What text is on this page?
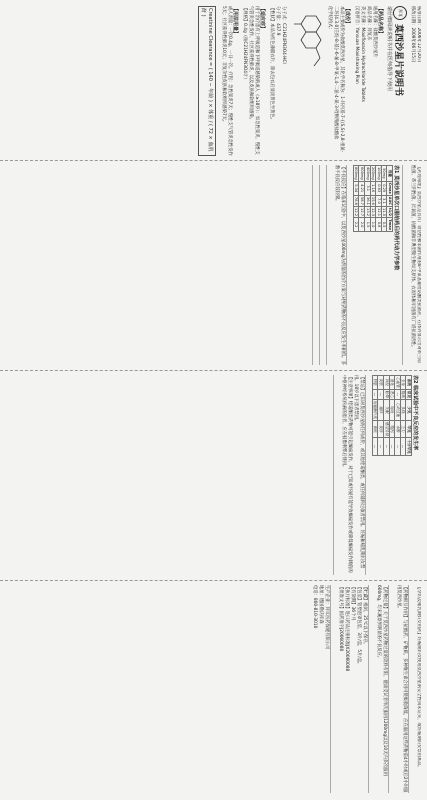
核准日期：2006年12月20日
修改日期：2009年06月15日
拜耳
莫西沙星片说明书
请仔细阅读说明书并在医师指导下使用
【药品名称】
通用名称：盐酸莫西沙星片
商品名称：拜复乐
英文名称：Moxifloxacin Hydrochloride Tablets
汉语拼音：Yansuan Moxishaxing Pian
【成份】
本品主要成份为盐酸莫西沙星，其化学名称为：1-环丙基-7-{(S,S)-2,8-重氮-二环[4.3.0]壬烷-8-基}-6-氟-8-甲氧-1,4-二氢-4-氧-3-喹啉羧酸盐酸盐
化学结构式：
分子式：C21H24FN3O4·HCl
分子量：437.9
【性状】本品为红色薄膜衣片，除去包衣后显淡黄色至黄色。
【适应症】
用于治疗患有上呼吸道和下呼吸道感染的成人（≥18岁）：如急性窦炎、慢性支气管炎急性发作、社区获得性肺炎，以及皮肤和软组织感染。
【规格】0.4g（按C21H24FN3O4计）
【用法用量】
成人剂量：一次0.4g，一日一次。疗程：急性窦炎7天；慢性支气管炎急性发作5天；社区获得性肺炎10天；非复杂性皮肤和软组织感染7天。
Creatinine Clearance = ( 140 − 年龄 ) × 体重 / ( 72 × 血肌酐 )
【药理毒理】莫西沙星是具有广谱活性和杀菌作用的8-甲氧基氟喹诺酮类抗菌药，在体外显示出对革兰阳性菌、革兰阴性菌、厌氧菌、抗酸菌和非典型微生物如支原体、衣原体和军团菌有广谱抗菌活性。
表1 莫西沙星单次口服给药后的药代动力学参数
剂量	Cmax	AUC	t1/2	Tmax
50mg	0.29	3.1	11.5	0.5
100mg	0.63	7.0	12.1	0.8
200mg	1.16	15.6	12.3	1.0
400mg	3.1	36.1	13.2	1.5
600mg	4.21	58.7	12.7	2.0
800mg	5.34	78.8	12.2	2.2
【不良反应】在临床试验中，以莫西沙星400mg为剂量的治疗方案与对照药物的不良反应发生率相似。多数不良反应较轻微。
表2 临床试验中不良反应的发生率
系统	常见	少见	罕见	十分罕见
全身	腹痛	头痛	乏力	—
心血管	—	心动过速	水肿	—
消化	恶心	呕吐	腹泻	—
神经	眩晕	失眠	感觉异常	—
皮肤	—	瘙痒	皮疹	—
肝脏	—	转氨酶升高	黄疸	—
【禁忌】已知对莫西沙星的任何成份，或其他喹诺酮类，或任何辅料过敏者禁用。妊娠和哺乳期妇女禁用。18岁以下患者禁用。
【注意事项】喹诺酮类药物可能引起癫痫发作，对于已知或怀疑有能导致癫痫发作或降低癫痫发作阈值的中枢神经系统疾病的患者，应在权衡利弊后使用。
【孕妇及哺乳期妇女用药】妊娠期妇女使用莫西沙星的安全性尚未证实，故妊娠期妇女禁用本品。
【药物相互作用】与抗酸药、矿物质、多种维生素合用可使吸收降低，应在服用这些药物前4小时或后2小时服用莫西沙星。
【药物过量】关于莫西沙星药物过量的资料有限，健康受试者单次服用1200mg以及10天内多次服用600mg，均未观察到明显的不良反应。
【贮藏】密闭，25℃以下保存。
【包装】铝塑泡罩包装，3片/盒，5片/盒。
【有效期】36个月
【执行标准】进口药品注册标准JX20060088
【批准文号】国药准字J20060088
生产企业：拜耳医药保健有限公司
地址：德国勒沃库森
电话：800-810-3010
